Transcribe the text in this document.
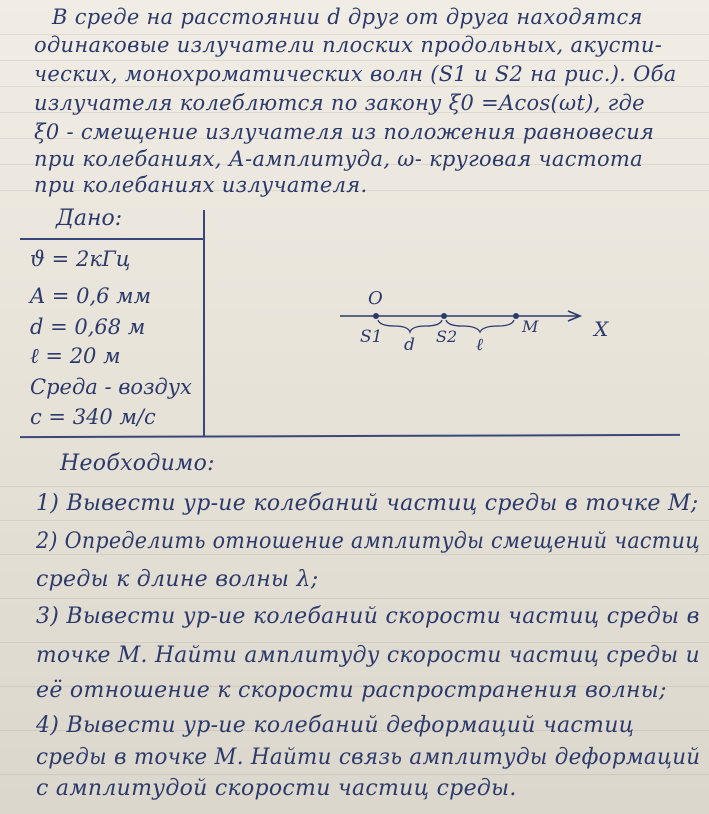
В среде на расстоянии d друг от друга находятся
одинаковые излучатели плоских продольных, акусти-
ческих, монохроматических волн (S1 и S2 на рис.). Оба
излучателя колеблются по закону ξ0 =Acos(ωt), где
ξ0 - смещение излучателя из положения равновесия
при колебаниях, А-амплитуда, ω- круговая частота
при колебаниях излучателя.
Дано:
ϑ = 2кГц
A = 0,6 мм
d = 0,68 м
ℓ = 20 м
Среда - воздух
c = 340 м/с
O
S1	S2
d	ℓ
M	X
Необходимо:
1) Вывести ур-ие колебаний частиц среды в точке M;
2) Определить отношение амплитуды смещений частиц
среды к длине волны λ;
3) Вывести ур-ие колебаний скорости частиц среды в
точке M. Найти амплитуду скорости частиц среды и
её отношение к скорости распространения волны;
4) Вывести ур-ие колебаний деформаций частиц
среды в точке M. Найти связь амплитуды деформаций
с амплитудой скорости частиц среды.
